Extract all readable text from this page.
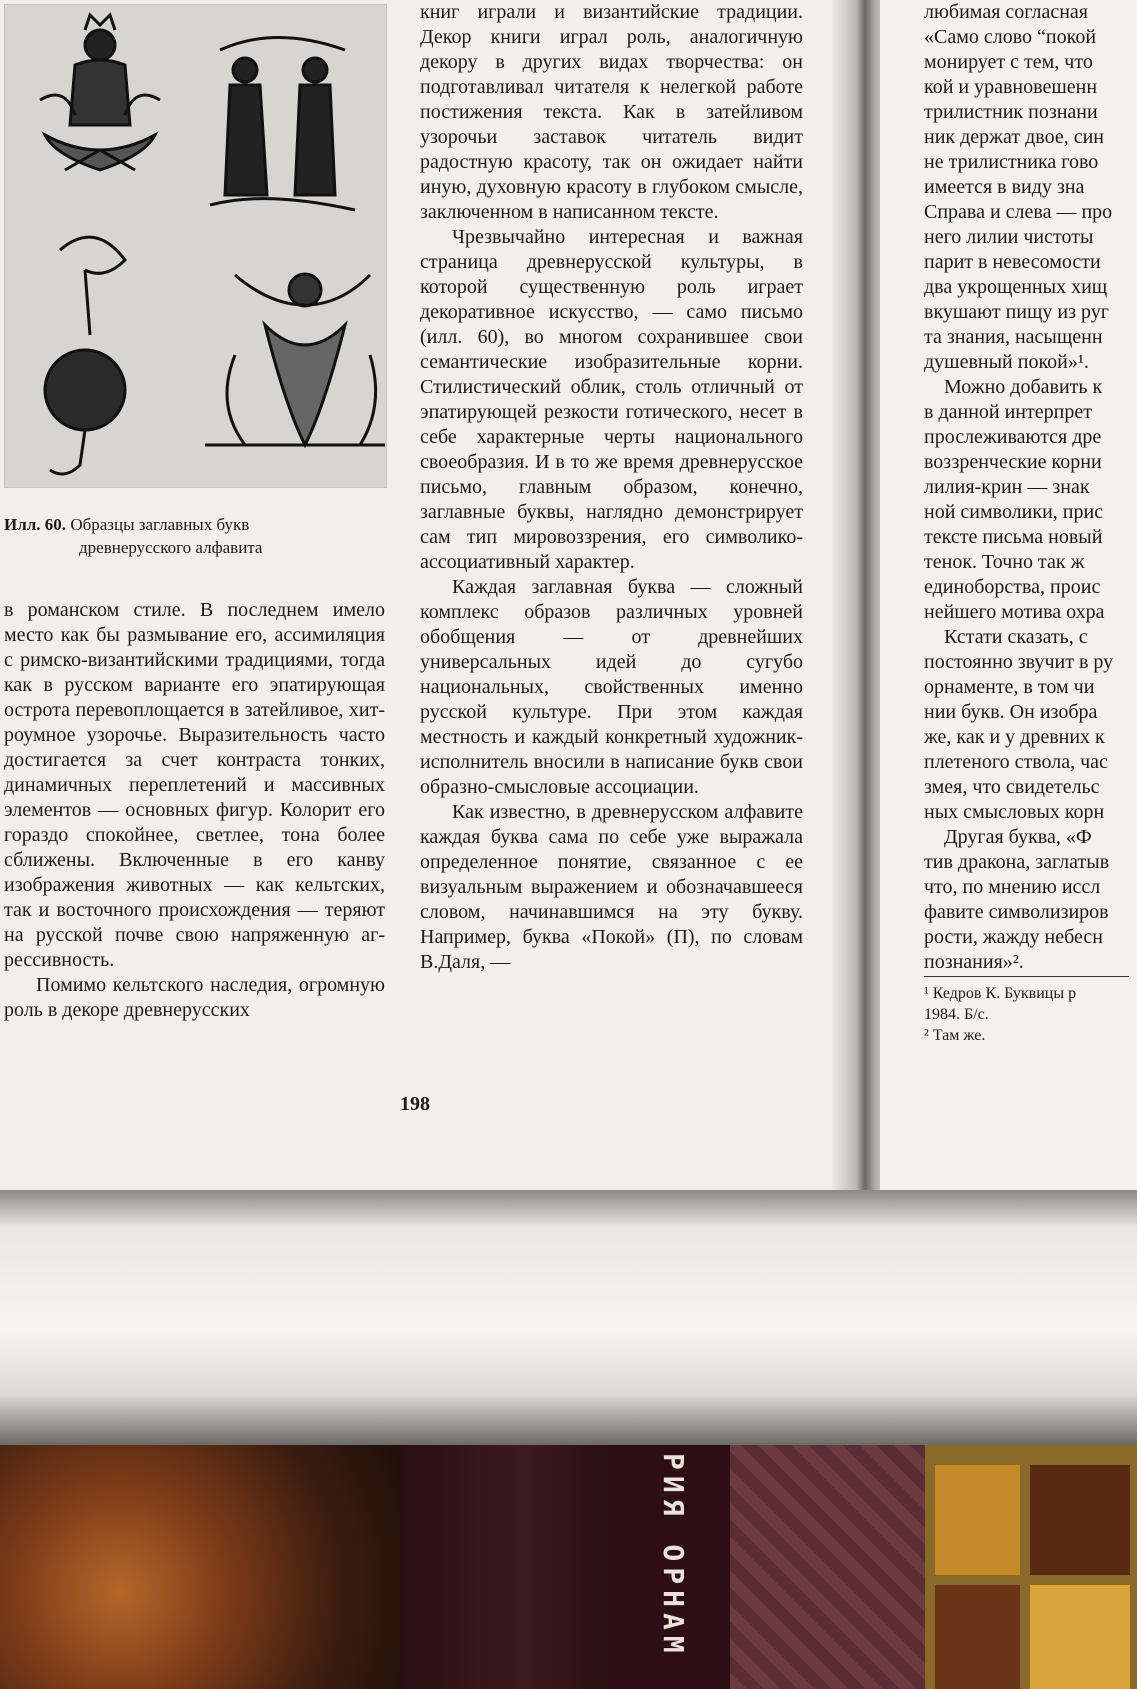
Илл. 60. Образцы заглавных букв
древнерусского алфавита

в романском стиле. В последнем имело место как бы размывание его, ассимиляция с римско-византийскими традициями, тогда как в русском варианте его эпатирующая острота перевоплощается в затейливое, хитроумное узорочье. Выразительность часто достигается за счет контраста тонких, динамичных переплетений и массивных элементов — основных фигур. Колорит его гораздо спокойнее, светлее, тона более сближены. Включенные в его канву изображения животных — как кельтских, так и восточного происхождения — теряют на русской почве свою напряженную агрессивность.

Помимо кельтского наследия, огромную роль в декоре древнерусских

книг играли и византийские традиции. Декор книги играл роль, аналогичную декору в других видах творчества: он подготавливал читателя к нелегкой работе постижения текста. Как в затейливом узорочьи заставок читатель видит радостную красоту, так он ожидает найти иную, духовную красоту в глубоком смысле, заключенном в написанном тексте.

Чрезвычайно интересная и важная страница древнерусской культуры, в которой существенную роль играет декоративное искусство, — само письмо (илл. 60), во многом сохранившее свои семантические изобразительные корни. Стилистический облик, столь отличный от эпатирующей резкости готического, несет в себе характерные черты национального своеобразия. И в то же время древнерусское письмо, главным образом, конечно, заглавные буквы, наглядно демонстрирует сам тип мировоззрения, его символико-ассоциативный характер.

Каждая заглавная буква — сложный комплекс образов различных уровней обобщения — от древнейших универсальных идей до сугубо национальных, свойственных именно русской культуре. При этом каждая местность и каждый конкретный художник-исполнитель вносили в написание букв свои образно-смысловые ассоциации.

Как известно, в древнерусском алфавите каждая буква сама по себе уже выражала определенное понятие, связанное с ее визуальным выражением и обозначавшееся словом, начинавшимся на эту букву. Например, буква «Покой» (П), по словам В.Даля, —

198
любимая согласная
«Само слово “покой
монирует с тем, что
кой и уравновешенн
трилистник познани
ник держат двое, син
не трилистника гово
имеется в виду зна
Справа и слева — про
него лилии чистоты
парит в невесомости
два укрощенных хищ
вкушают пищу из руг
та знания, насыщенн
душевный покой»¹.
Можно добавить к
в данной интерпрет
прослеживаются дре
воззренческие корни
лилия-крин — знак
ной символики, прис
тексте письма новый
тенок. Точно так ж
единоборства, проис
нейшего мотива охра
Кстати сказать, с
постоянно звучит в ру
орнаменте, в том чи
нии букв. Он изобра
же, как и у древних к
плетеного ствола, час
змея, что свидетельс
ных смысловых корн
Другая буква, «Ф
тив дракона, заглатыв
что, по мнению иссл
фавите символизиров
рости, жажду небесн
познания»².
¹ Кедров К. Буквицы р
1984. Б/с.
² Там же.
РИЯ ОРНАМ
